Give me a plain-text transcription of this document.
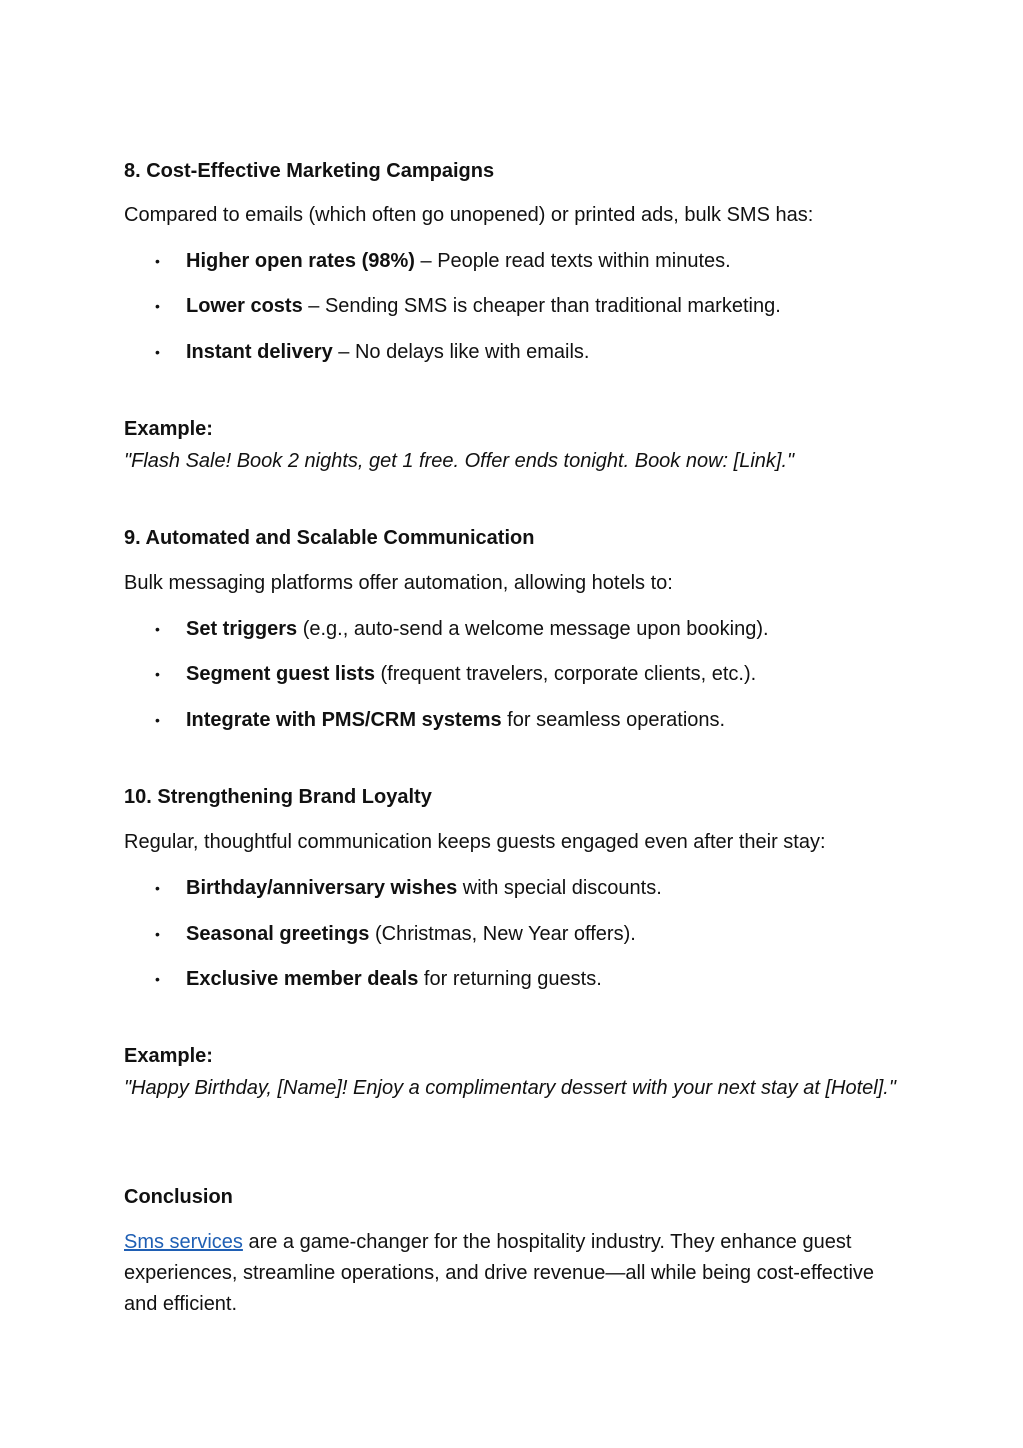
8. Cost-Effective Marketing Campaigns

Compared to emails (which often go unopened) or printed ads, bulk SMS has:

• Higher open rates (98%) – People read texts within minutes.
• Lower costs – Sending SMS is cheaper than traditional marketing.
• Instant delivery – No delays like with emails.
Example:
"Flash Sale! Book 2 nights, get 1 free. Offer ends tonight. Book now: [Link]."
9. Automated and Scalable Communication

Bulk messaging platforms offer automation, allowing hotels to:

• Set triggers (e.g., auto-send a welcome message upon booking).
• Segment guest lists (frequent travelers, corporate clients, etc.).
• Integrate with PMS/CRM systems for seamless operations.
10. Strengthening Brand Loyalty

Regular, thoughtful communication keeps guests engaged even after their stay:

• Birthday/anniversary wishes with special discounts.
• Seasonal greetings (Christmas, New Year offers).
• Exclusive member deals for returning guests.
Example:
"Happy Birthday, [Name]! Enjoy a complimentary dessert with your next stay at [Hotel]."
Conclusion

Sms services are a game-changer for the hospitality industry. They enhance guest experiences, streamline operations, and drive revenue—all while being cost-effective and efficient.
